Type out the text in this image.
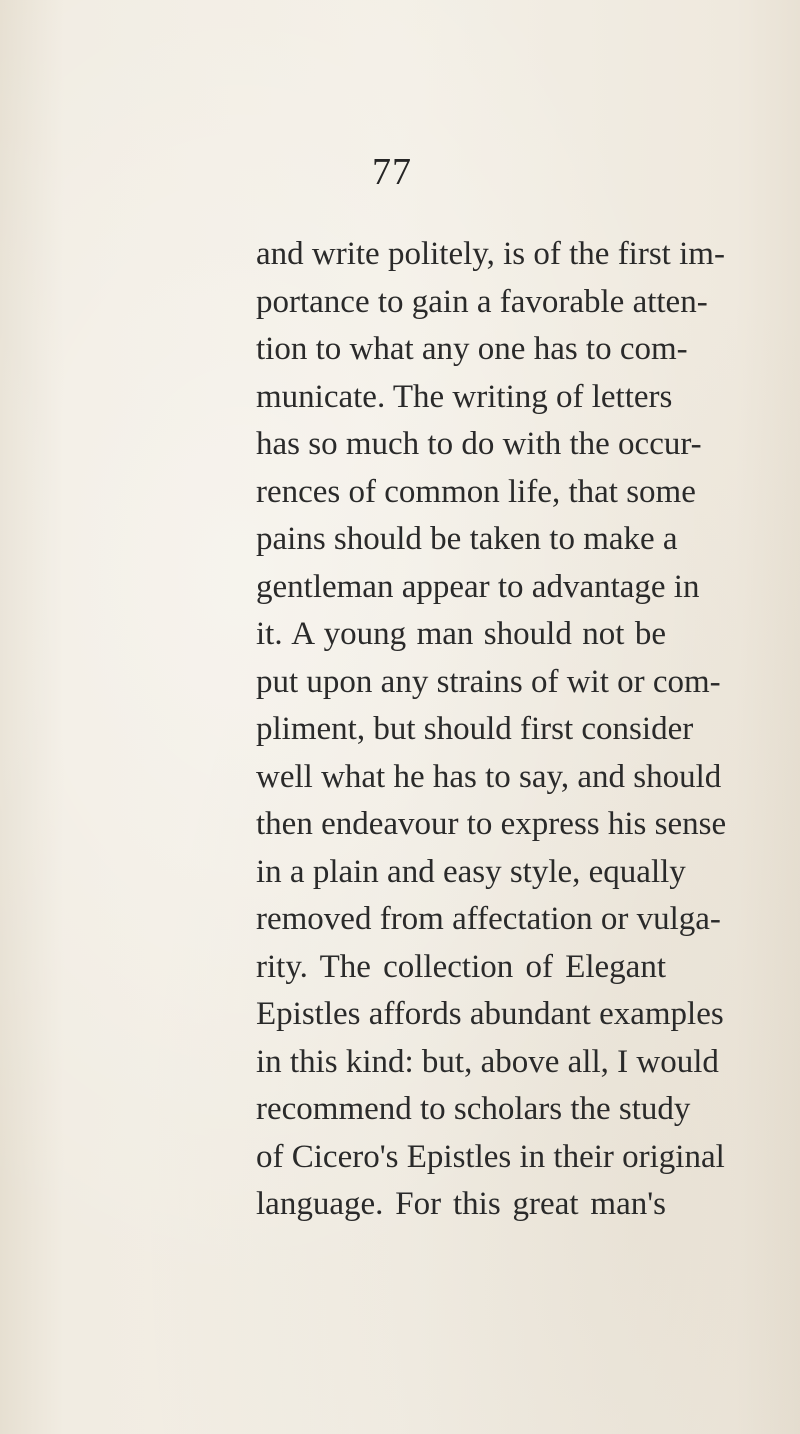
77
and write politely, is of the first im-
portance to gain a favorable atten-
tion to what any one has to com-
municate. The writing of letters
has so much to do with the occur-
rences of common life, that some
pains should be taken to make a
gentleman appear to advantage in
it. A young man should not be
put upon any strains of wit or com-
pliment, but should first consider
well what he has to say, and should
then endeavour to express his sense
in a plain and easy style, equally
removed from affectation or vulga-
rity. The collection of Elegant
Epistles affords abundant examples
in this kind: but, above all, I would
recommend to scholars the study
of Cicero's Epistles in their original
language. For this great man's
